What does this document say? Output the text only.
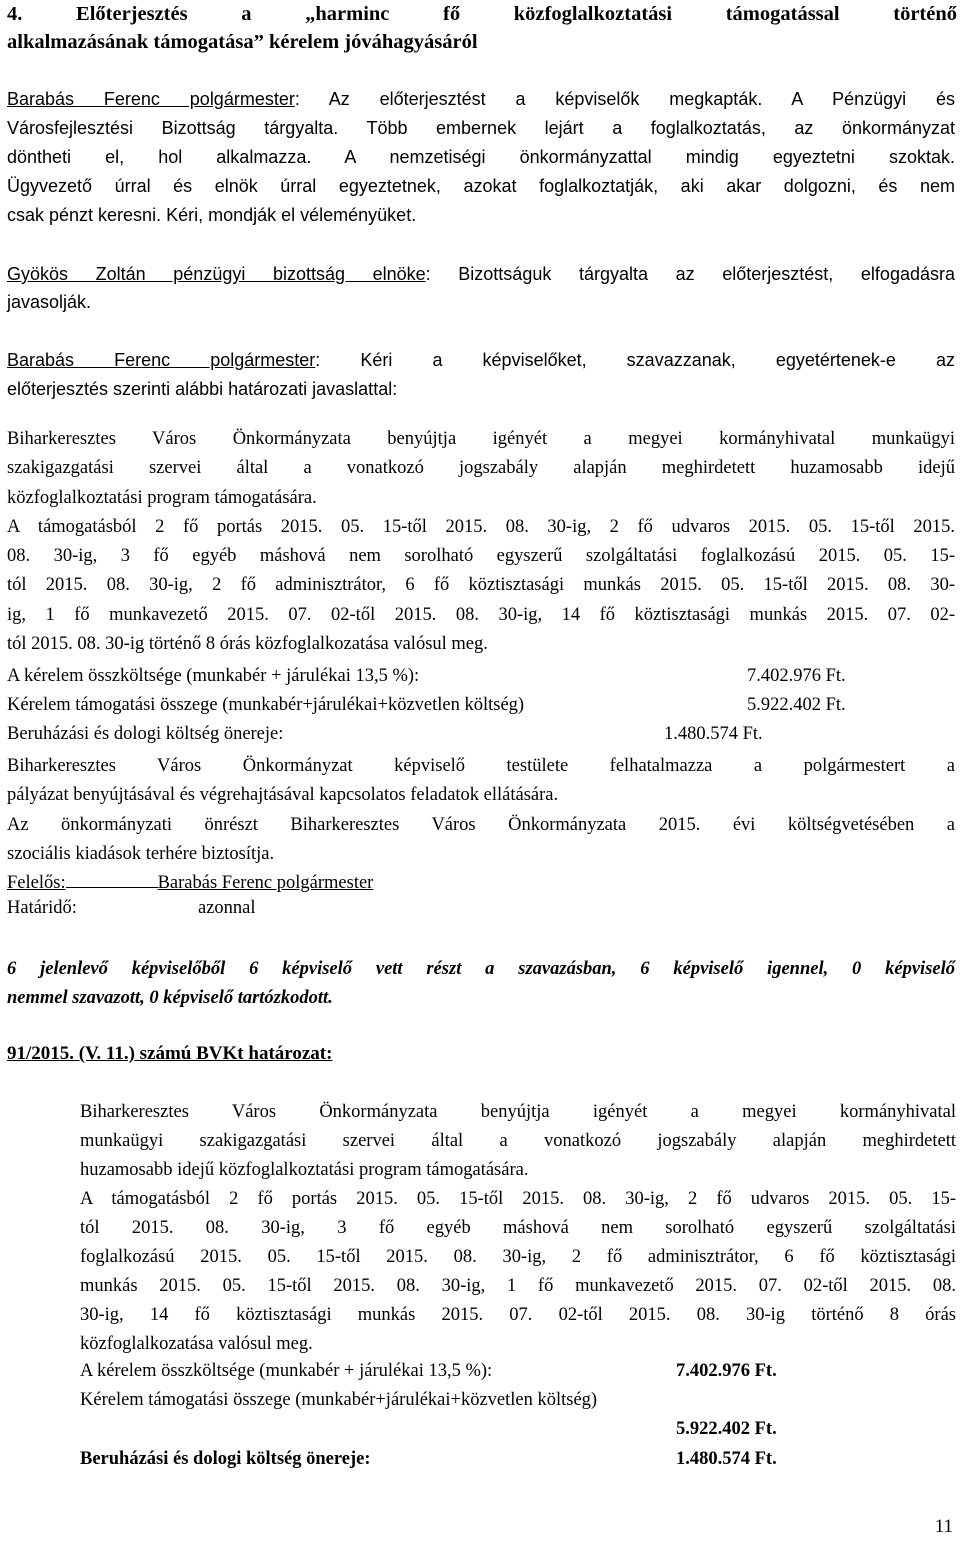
4. Előterjesztés a „harminc fő közfoglalkoztatási támogatással történő
alkalmazásának támogatása” kérelem jóváhagyásáról
Barabás Ferenc polgármester: Az előterjesztést a képviselők megkapták. A Pénzügyi és
Városfejlesztési Bizottság tárgyalta. Több embernek lejárt a foglalkoztatás, az önkormányzat
döntheti el, hol alkalmazza. A nemzetiségi önkormányzattal mindig egyeztetni szoktak.
Ügyvezető úrral és elnök úrral egyeztetnek, azokat foglalkoztatják, aki akar dolgozni, és nem
csak pénzt keresni. Kéri, mondják el véleményüket.
Gyökös Zoltán pénzügyi bizottság elnöke: Bizottságuk tárgyalta az előterjesztést, elfogadásra
javasolják.
Barabás Ferenc polgármester: Kéri a képviselőket, szavazzanak, egyetértenek-e az
előterjesztés szerinti alábbi határozati javaslattal:
Biharkeresztes Város Önkormányzata benyújtja igényét a megyei kormányhivatal munkaügyi
szakigazgatási szervei által a vonatkozó jogszabály alapján meghirdetett huzamosabb idejű
közfoglalkoztatási program támogatására.
A támogatásból 2 fő portás 2015. 05. 15-től 2015. 08. 30-ig, 2 fő udvaros 2015. 05. 15-től 2015.
08. 30-ig, 3 fő egyéb máshová nem sorolható egyszerű szolgáltatási foglalkozású 2015. 05. 15-
tól 2015. 08. 30-ig, 2 fő adminisztrátor, 6 fő köztisztasági munkás 2015. 05. 15-től 2015. 08. 30-
ig, 1 fő munkavezető 2015. 07. 02-től 2015. 08. 30-ig, 14 fő köztisztasági munkás 2015. 07. 02-
tól 2015. 08. 30-ig történő 8 órás közfoglalkozatása valósul meg.
A kérelem összköltsége (munkabér + járulékai 13,5 %):	7.402.976 Ft.
Kérelem támogatási összege (munkabér+járulékai+közvetlen költség)	5.922.402 Ft.
Beruházási és dologi költség önereje:	1.480.574 Ft.
Biharkeresztes Város Önkormányzat képviselő testülete felhatalmazza a polgármestert a
pályázat benyújtásával és végrehajtásával kapcsolatos feladatok ellátására.
Az önkormányzati önrészt Biharkeresztes Város Önkormányzata 2015. évi költségvetésében a
szociális kiadások terhére biztosítja.
Felelős:	Barabás Ferenc polgármester
Határidő:	azonnal
6 jelenlevő képviselőből 6 képviselő vett részt a szavazásban, 6 képviselő igennel, 0 képviselő
nemmel szavazott, 0 képviselő tartózkodott.
91/2015. (V. 11.) számú BVKt határozat:
Biharkeresztes Város Önkormányzata benyújtja igényét a megyei kormányhivatal
munkaügyi szakigazgatási szervei által a vonatkozó jogszabály alapján meghirdetett
huzamosabb idejű közfoglalkoztatási program támogatására.
A támogatásból 2 fő portás 2015. 05. 15-től 2015. 08. 30-ig, 2 fő udvaros 2015. 05. 15-
tól 2015. 08. 30-ig, 3 fő egyéb máshová nem sorolható egyszerű szolgáltatási
foglalkozású 2015. 05. 15-től 2015. 08. 30-ig, 2 fő adminisztrátor, 6 fő köztisztasági
munkás 2015. 05. 15-től 2015. 08. 30-ig, 1 fő munkavezető 2015. 07. 02-től 2015. 08.
30-ig, 14 fő köztisztasági munkás 2015. 07. 02-től 2015. 08. 30-ig történő 8 órás
közfoglalkozatása valósul meg.
A kérelem összköltsége (munkabér + járulékai 13,5 %):	7.402.976 Ft.
Kérelem támogatási összege (munkabér+járulékai+közvetlen költség)
5.922.402 Ft.
Beruházási és dologi költség önereje:	1.480.574 Ft.
11
